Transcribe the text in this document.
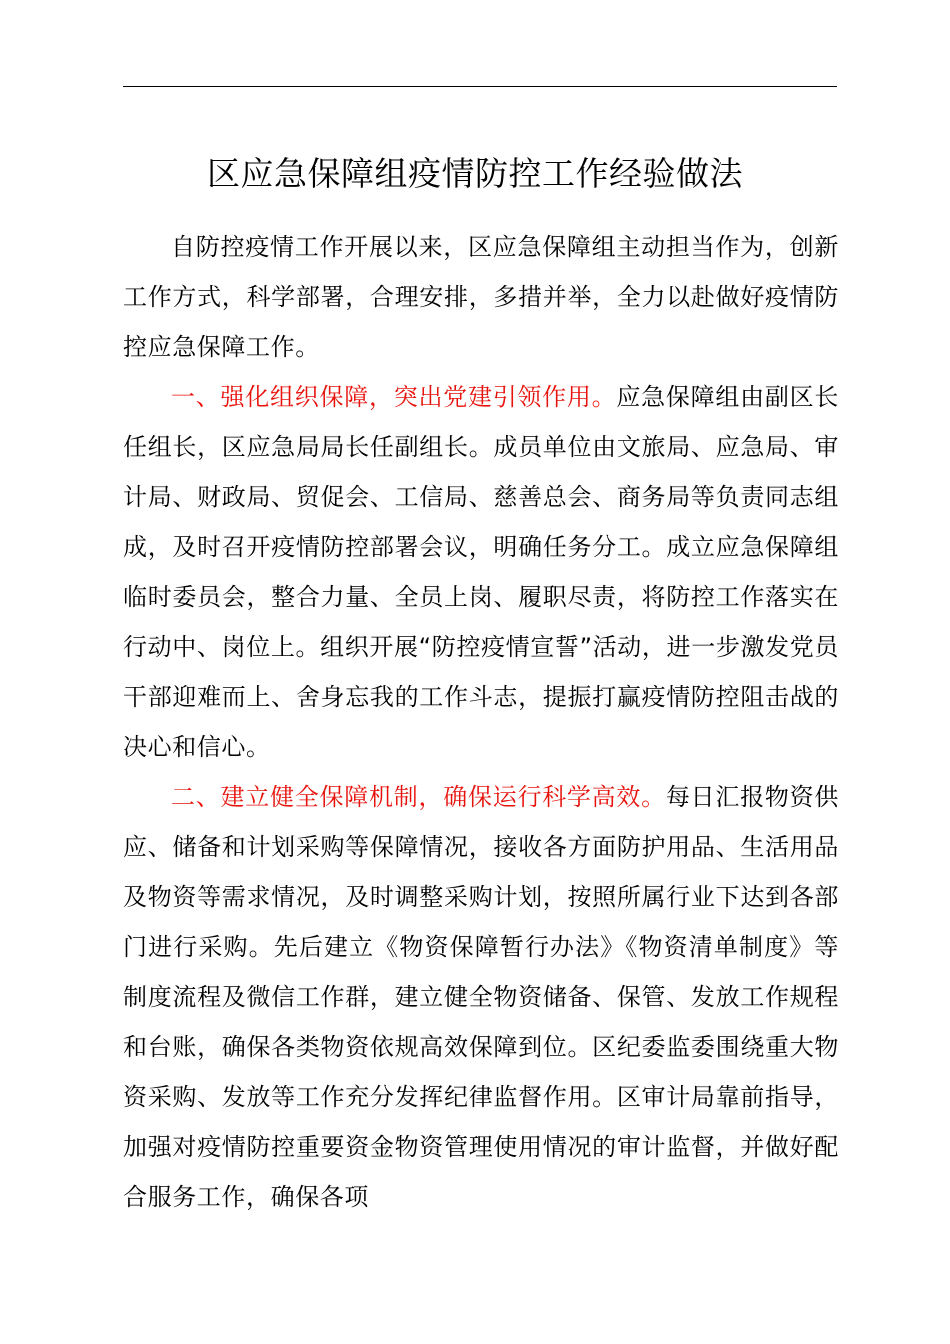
区应急保障组疫情防控工作经验做法

自防控疫情工作开展以来，区应急保障组主动担当作为，创新工作方式，科学部署，合理安排，多措并举，全力以赴做好疫情防控应急保障工作。

一、强化组织保障，突出党建引领作用。应急保障组由副区长任组长，区应急局局长任副组长。成员单位由文旅局、应急局、审计局、财政局、贸促会、工信局、慈善总会、商务局等负责同志组成，及时召开疫情防控部署会议，明确任务分工。成立应急保障组临时委员会，整合力量、全员上岗、履职尽责，将防控工作落实在行动中、岗位上。组织开展“防控疫情宣誓”活动，进一步激发党员干部迎难而上、舍身忘我的工作斗志，提振打赢疫情防控阻击战的决心和信心。

二、建立健全保障机制，确保运行科学高效。每日汇报物资供应、储备和计划采购等保障情况，接收各方面防护用品、生活用品及物资等需求情况，及时调整采购计划，按照所属行业下达到各部门进行采购。先后建立《物资保障暂行办法》《物资清单制度》等制度流程及微信工作群，建立健全物资储备、保管、发放工作规程和台账，确保各类物资依规高效保障到位。区纪委监委围绕重大物资采购、发放等工作充分发挥纪律监督作用。区审计局靠前指导，加强对疫情防控重要资金物资管理使用情况的审计监督，并做好配合服务工作，确保各项
